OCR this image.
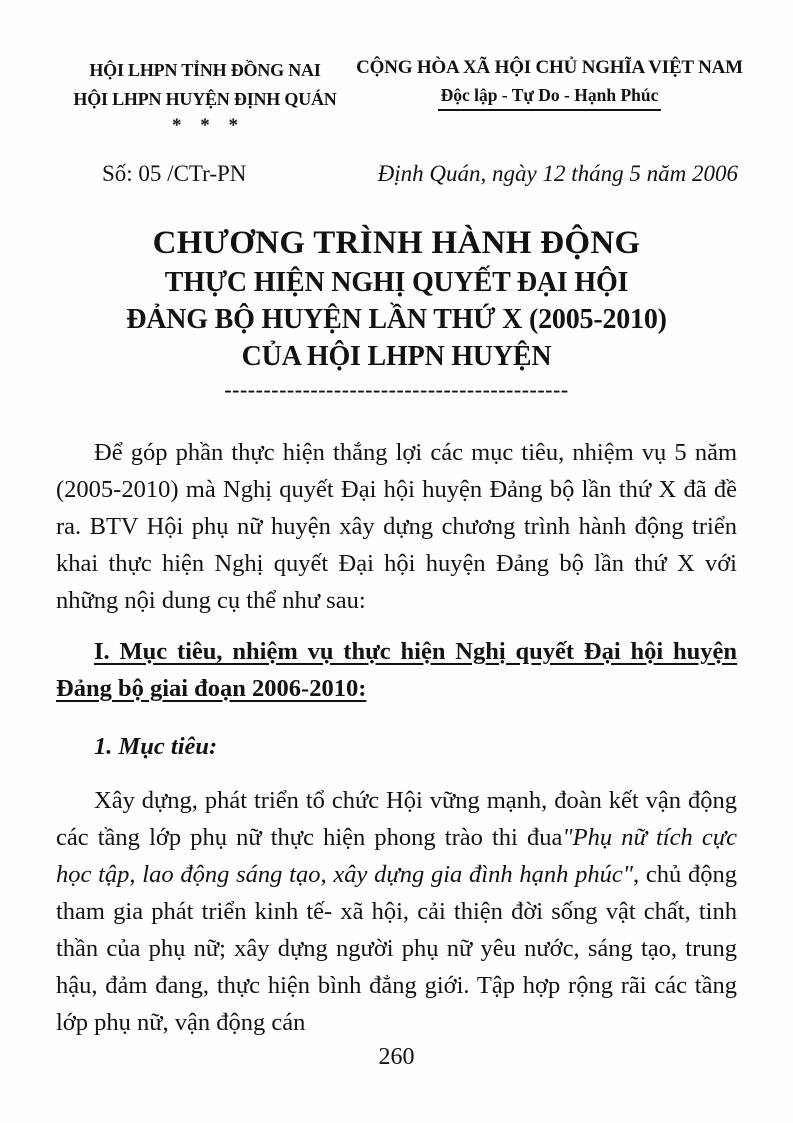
HỘI LHPN TỈNH ĐỒNG NAI
HỘI LHPN HUYỆN ĐỊNH QUÁN
* * *
CỘNG HÒA XÃ HỘI CHỦ NGHĨA VIỆT NAM
Độc lập - Tự Do - Hạnh Phúc
Số: 05 /CTr-PN	Định Quán, ngày 12 tháng 5 năm 2006
CHƯƠNG TRÌNH HÀNH ĐỘNG
THỰC HIỆN NGHỊ QUYẾT ĐẠI HỘI
ĐẢNG BỘ HUYỆN LẦN THỨ X (2005-2010)
CỦA HỘI LHPN HUYỆN
--------------------------------------------

Để góp phần thực hiện thắng lợi các mục tiêu, nhiệm vụ 5 năm (2005-2010) mà Nghị quyết Đại hội huyện Đảng bộ lần thứ X đã đề ra. BTV Hội phụ nữ huyện xây dựng chương trình hành động triển khai thực hiện Nghị quyết Đại hội huyện Đảng bộ lần thứ X với những nội dung cụ thể như sau:

I. Mục tiêu, nhiệm vụ thực hiện Nghị quyết Đại hội huyện Đảng bộ giai đoạn 2006-2010:

1. Mục tiêu:

Xây dựng, phát triển tổ chức Hội vững mạnh, đoàn kết vận động các tầng lớp phụ nữ thực hiện phong trào thi đua"Phụ nữ tích cực học tập, lao động sáng tạo, xây dựng gia đình hạnh phúc", chủ động tham gia phát triển kinh tế- xã hội, cải thiện đời sống vật chất, tinh thần của phụ nữ; xây dựng người phụ nữ yêu nước, sáng tạo, trung hậu, đảm đang, thực hiện bình đẳng giới. Tập hợp rộng rãi các tầng lớp phụ nữ, vận động cán

260
